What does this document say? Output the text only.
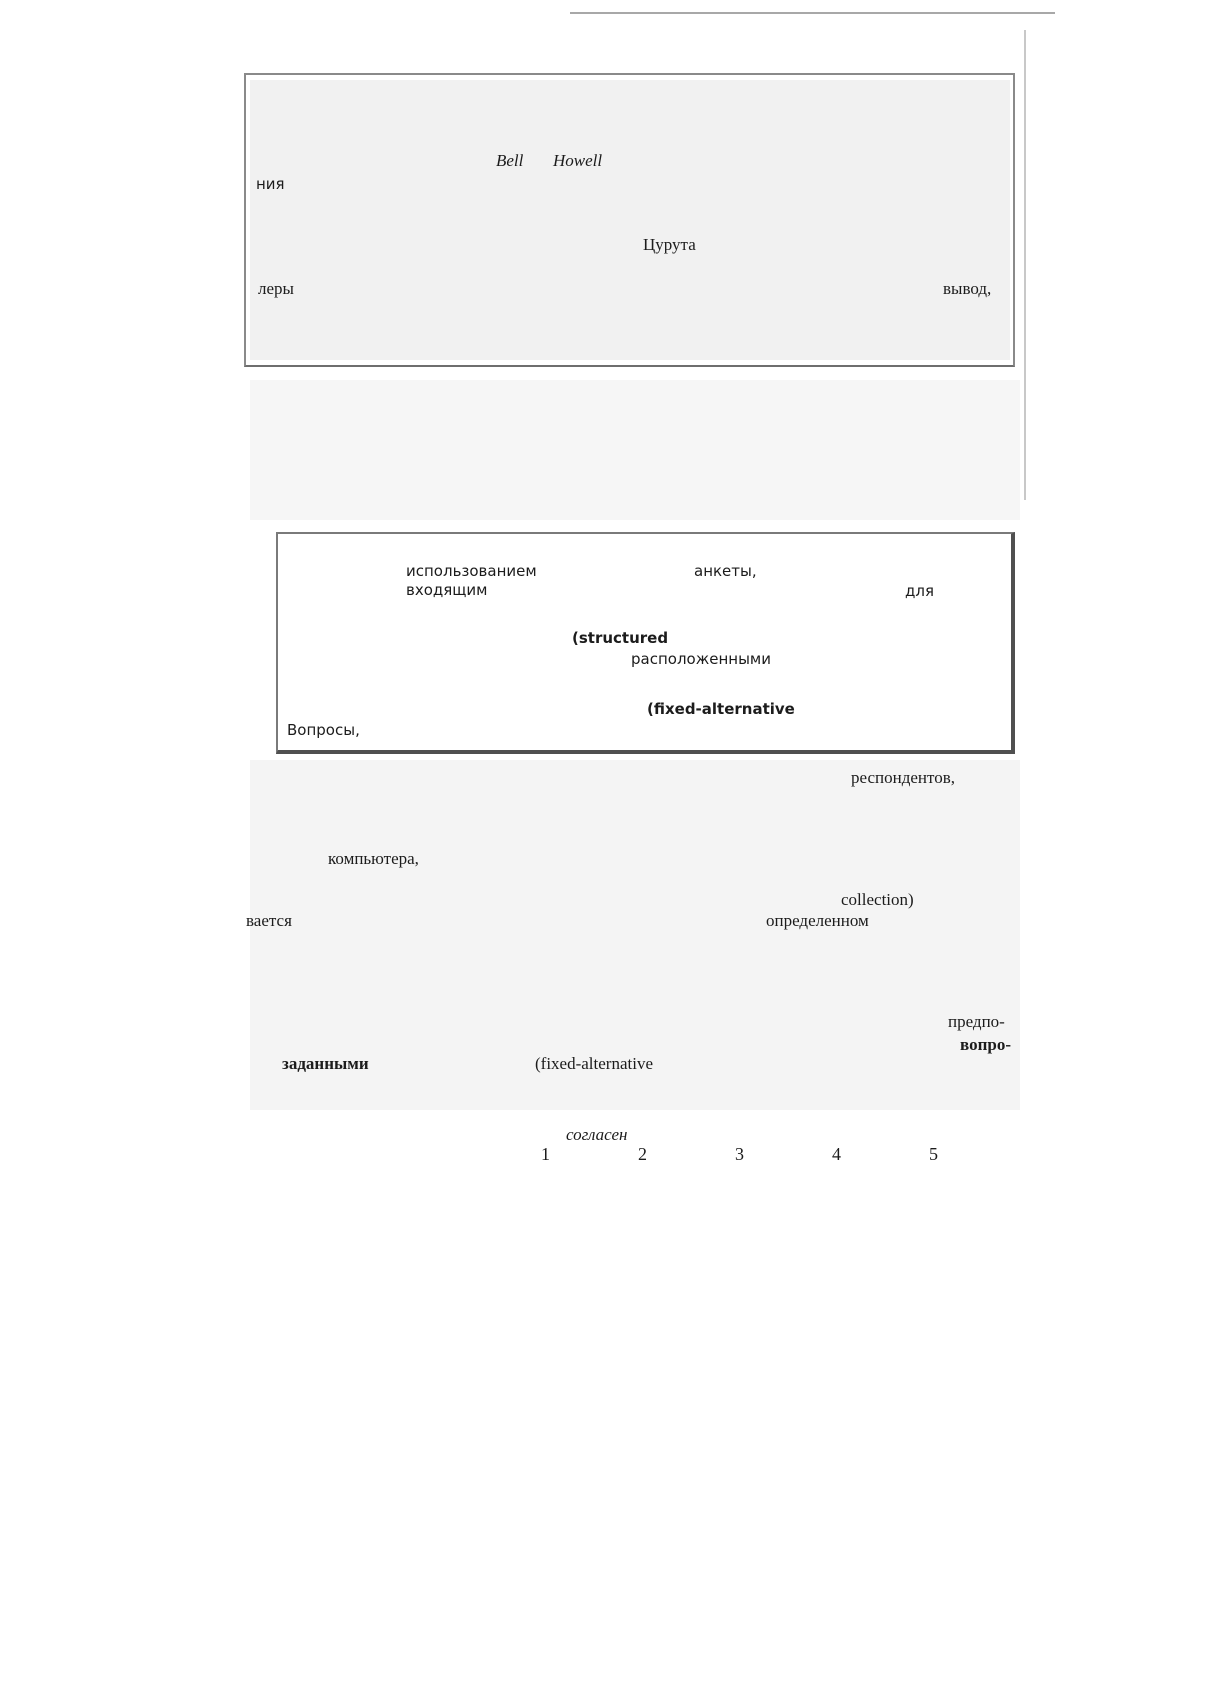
Bell Howell
ния
Цурута
леры	вывод,
использованием	анкеты,
входящим	для
(structured
расположенными
(fixed-alternative
Вопросы,
респондентов,
компьютера,
collection)
вается	определенном
предпо-
вопро-
заданными	(fixed-alternative
согласен
1	2	3	4	5
